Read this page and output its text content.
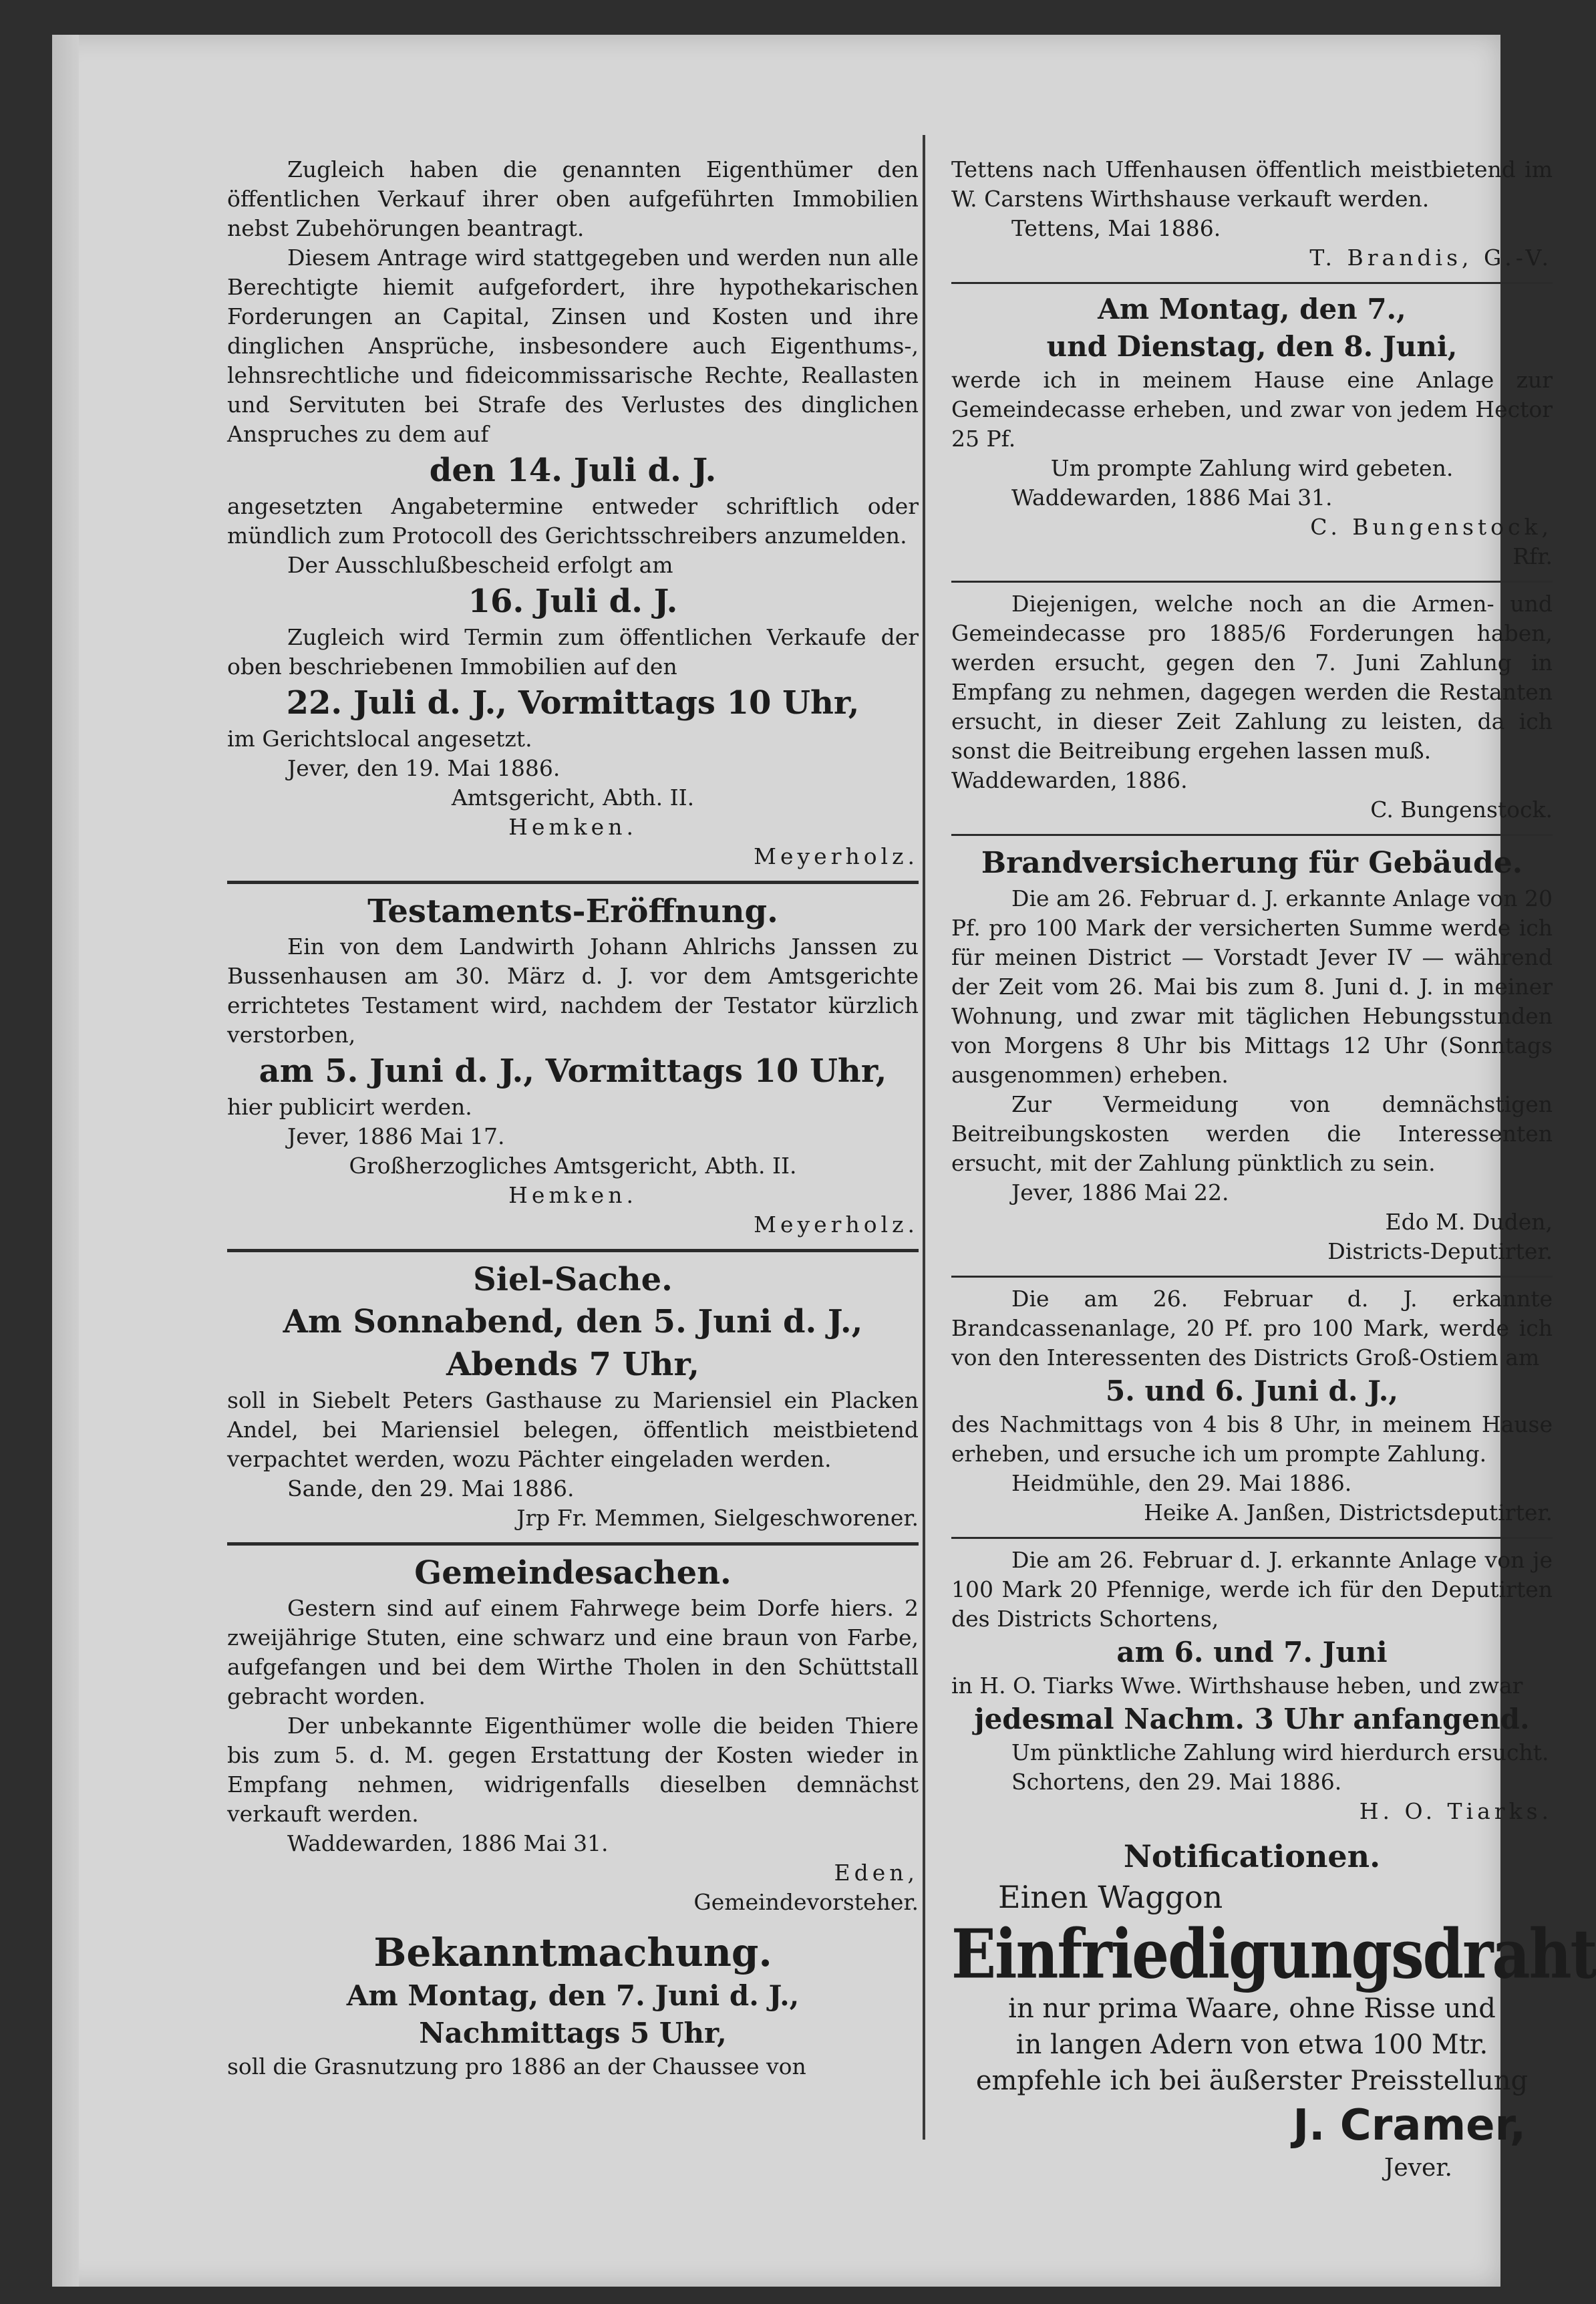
Zugleich haben die genannten Eigenthümer den öffentlichen Verkauf ihrer oben aufgeführten Immobilien nebst Zubehörungen beantragt.

Diesem Antrage wird stattgegeben und werden nun alle Berechtigte hiemit aufgefordert, ihre hypothekarischen Forderungen an Capital, Zinsen und Kosten und ihre dinglichen Ansprüche, insbesondere auch Eigenthums-, lehnsrechtliche und fideicommissarische Rechte, Reallasten und Servituten bei Strafe des Verlustes des dinglichen Anspruches zu dem auf

den 14. Juli d. J.

angesetzten Angabetermine entweder schriftlich oder mündlich zum Protocoll des Gerichtsschreibers anzumelden.

Der Ausschlußbescheid erfolgt am

16. Juli d. J.

Zugleich wird Termin zum öffentlichen Verkaufe der oben beschriebenen Immobilien auf den

22. Juli d. J., Vormittags 10 Uhr,

im Gerichtslocal angesetzt.

Jever, den 19. Mai 1886.

Amtsgericht, Abth. II.

Hemken.

Meyerholz.

Testaments-Eröffnung.

Ein von dem Landwirth Johann Ahlrichs Janssen zu Bussenhausen am 30. März d. J. vor dem Amtsgerichte errichtetes Testament wird, nachdem der Testator kürzlich verstorben,

am 5. Juni d. J., Vormittags 10 Uhr,

hier publicirt werden.

Jever, 1886 Mai 17.

Großherzogliches Amtsgericht, Abth. II.

Hemken.

Meyerholz.

Siel-Sache.
Am Sonnabend, den 5. Juni d. J.,
Abends 7 Uhr,

soll in Siebelt Peters Gasthause zu Mariensiel ein Placken Andel, bei Mariensiel belegen, öffentlich meistbietend verpachtet werden, wozu Pächter eingeladen werden.

Sande, den 29. Mai 1886.

Jrp Fr. Memmen, Sielgeschworener.

Gemeindesachen.

Gestern sind auf einem Fahrwege beim Dorfe hiers. 2 zweijährige Stuten, eine schwarz und eine braun von Farbe, aufgefangen und bei dem Wirthe Tholen in den Schüttstall gebracht worden.

Der unbekannte Eigenthümer wolle die beiden Thiere bis zum 5. d. M. gegen Erstattung der Kosten wieder in Empfang nehmen, widrigenfalls dieselben demnächst verkauft werden.

Waddewarden, 1886 Mai 31.

Eden,

Gemeindevorsteher.

Bekanntmachung.
Am Montag, den 7. Juni d. J.,
Nachmittags 5 Uhr,

soll die Grasnutzung pro 1886 an der Chaussee von

Tettens nach Uffenhausen öffentlich meistbietend im W. Carstens Wirthshause verkauft werden.

Tettens, Mai 1886.

T. Brandis, G.-V.

Am Montag, den 7.,
und Dienstag, den 8. Juni,

werde ich in meinem Hause eine Anlage zur Gemeindecasse erheben, und zwar von jedem Hector 25 Pf.

Um prompte Zahlung wird gebeten.

Waddewarden, 1886 Mai 31.

C. Bungenstock,

Rfr.

Diejenigen, welche noch an die Armen- und Gemeindecasse pro 1885/6 Forderungen haben, werden ersucht, gegen den 7. Juni Zahlung in Empfang zu nehmen, dagegen werden die Restanten ersucht, in dieser Zeit Zahlung zu leisten, da ich sonst die Beitreibung ergehen lassen muß.

Waddewarden, 1886.

C. Bungenstock.

Brandversicherung für Gebäude.

Die am 26. Februar d. J. erkannte Anlage von 20 Pf. pro 100 Mark der versicherten Summe werde ich für meinen District — Vorstadt Jever IV — während der Zeit vom 26. Mai bis zum 8. Juni d. J. in meiner Wohnung, und zwar mit täglichen Hebungsstunden von Morgens 8 Uhr bis Mittags 12 Uhr (Sonntags ausgenommen) erheben.

Zur Vermeidung von demnächstigen Beitreibungskosten werden die Interessenten ersucht, mit der Zahlung pünktlich zu sein.

Jever, 1886 Mai 22.

Edo M. Duden,

Districts-Deputirter.

Die am 26. Februar d. J. erkannte Brandcassenanlage, 20 Pf. pro 100 Mark, werde ich von den Interessenten des Districts Groß-Ostiem am

5. und 6. Juni d. J.,

des Nachmittags von 4 bis 8 Uhr, in meinem Hause erheben, und ersuche ich um prompte Zahlung.

Heidmühle, den 29. Mai 1886.

Heike A. Janßen, Districtsdeputirter.

Die am 26. Februar d. J. erkannte Anlage von je 100 Mark 20 Pfennige, werde ich für den Deputirten des Districts Schortens,

am 6. und 7. Juni

in H. O. Tiarks Wwe. Wirthshause heben, und zwar

jedesmal Nachm. 3 Uhr anfangend.

Um pünktliche Zahlung wird hierdurch ersucht.

Schortens, den 29. Mai 1886.

H. O. Tiarks.

Notificationen.
Einen Waggon
Einfriedigungsdraht
in nur prima Waare, ohne Risse und
in langen Adern von etwa 100 Mtr.
empfehle ich bei äußerster Preisstellung
J. Cramer,
Jever.
